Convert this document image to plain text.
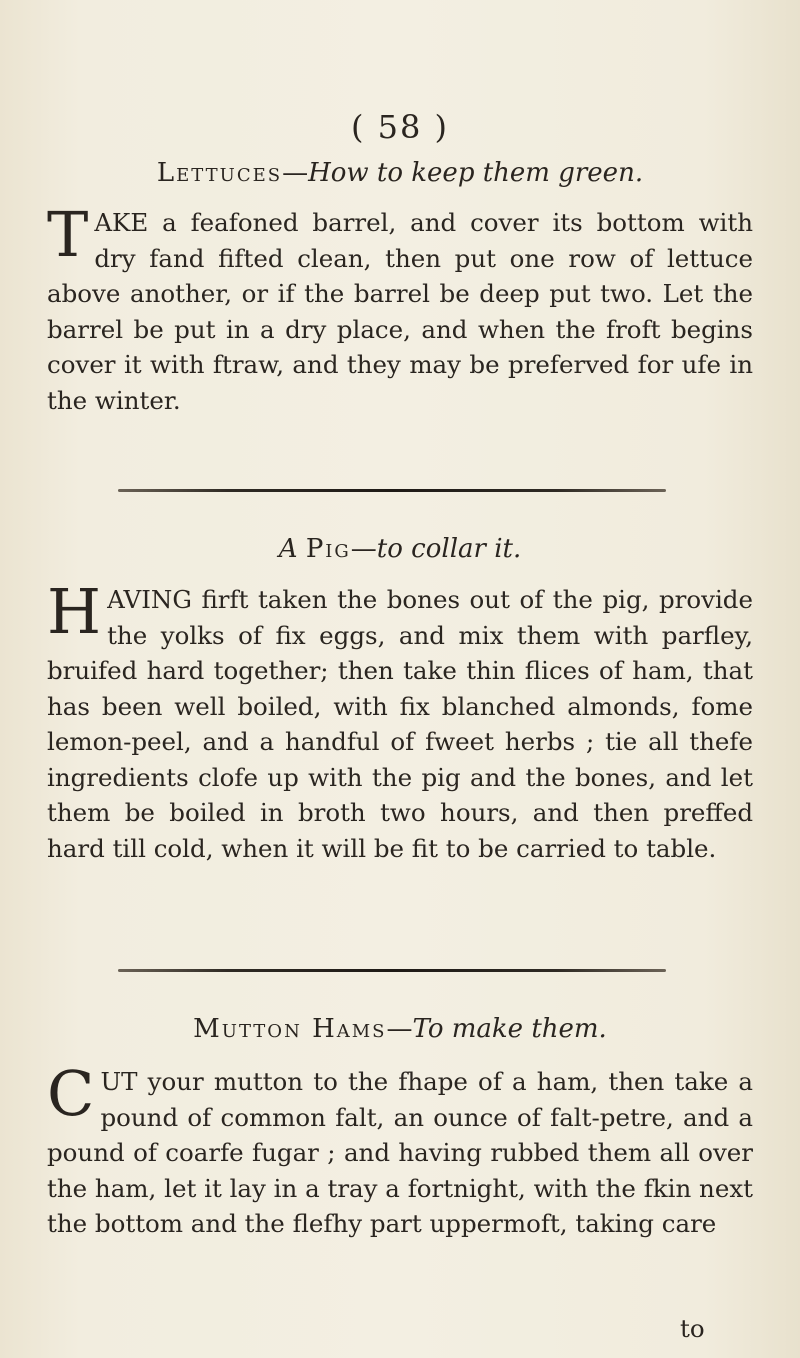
( 58 )
Lettuces—How to keep them green.

TAKE a feafoned barrel, and cover its bottom with dry fand fifted clean, then put one row of lettuce above another, or if the barrel be deep put two. Let the barrel be put in a dry place, and when the froft begins cover it with ftraw, and they may be preferved for ufe in the winter.

A Pig—to collar it.

HAVING firft taken the bones out of the pig, provide the yolks of fix eggs, and mix them with parfley, bruifed hard together; then take thin flices of ham, that has been well boiled, with fix blanched almonds, fome lemon-peel, and a handful of fweet herbs ; tie all thefe ingredients clofe up with the pig and the bones, and let them be boiled in broth two hours, and then preffed hard till cold, when it will be fit to be carried to table.

Mutton Hams—To make them.

CUT your mutton to the fhape of a ham, then take a pound of common falt, an ounce of falt-petre, and a pound of coarfe fugar ; and having rubbed them all over the ham, let it lay in a tray a fortnight, with the fkin next the bottom and the flefhy part uppermoft, taking care

to
